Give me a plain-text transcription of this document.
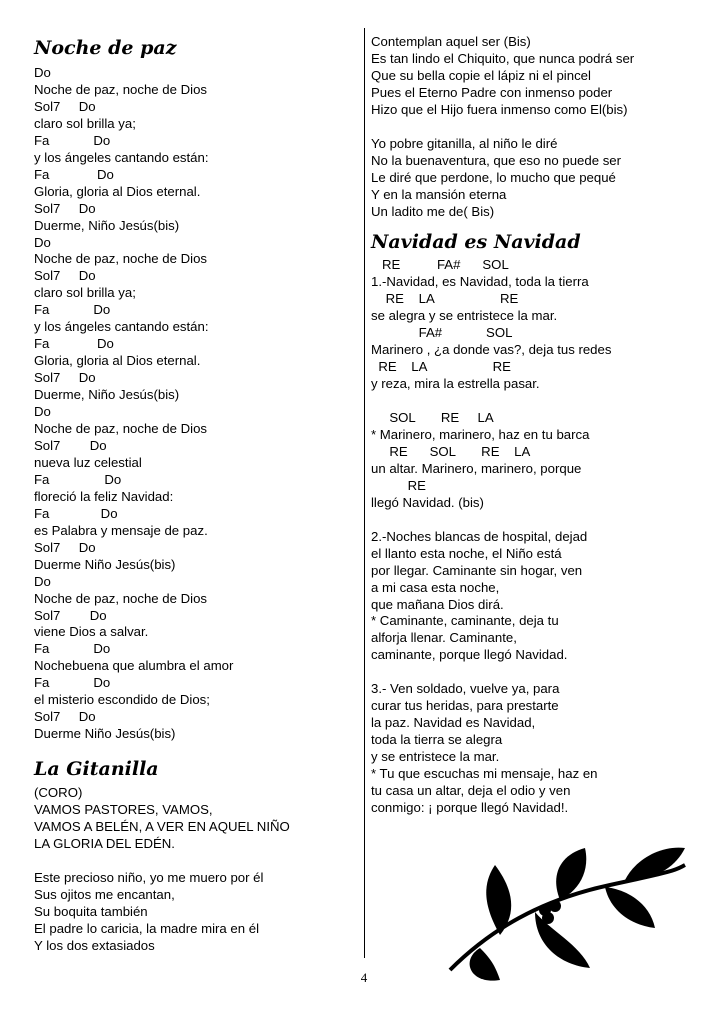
Noche de paz

Do

Noche de paz, noche de Dios

Sol7     Do

claro sol brilla ya;

Fa            Do

y los ángeles cantando están:

Fa             Do

Gloria, gloria al Dios eternal.

Sol7     Do

Duerme, Niño Jesús(bis)

Do

Noche de paz, noche de Dios

Sol7     Do

claro sol brilla ya;

Fa            Do

y los ángeles cantando están:

Fa             Do

Gloria, gloria al Dios eternal.

Sol7     Do

Duerme, Niño Jesús(bis)

Do

Noche de paz, noche de Dios

Sol7        Do

nueva luz celestial

Fa               Do

floreció la feliz Navidad:

Fa              Do

es Palabra y mensaje de paz.

Sol7     Do

Duerme Niño Jesús(bis)

Do

Noche de paz, noche de Dios

Sol7        Do

viene Dios a salvar.

Fa            Do

Nochebuena que alumbra el amor

Fa            Do

el misterio escondido de Dios;

Sol7     Do

Duerme Niño Jesús(bis)

La Gitanilla

(CORO)

VAMOS PASTORES, VAMOS,

VAMOS A BELÉN, A VER EN AQUEL NIÑO

LA GLORIA DEL EDÉN.

Este precioso niño, yo me muero por él

Sus ojitos me encantan,

Su boquita también

El padre lo caricia, la madre mira en él

Y los dos extasiados

Contemplan aquel ser (Bis)

Es tan lindo el Chiquito, que nunca podrá ser

Que su bella copie el lápiz ni el pincel

Pues el Eterno Padre con inmenso poder

Hizo que el Hijo fuera inmenso como El(bis)

Yo pobre gitanilla, al niño le diré

No la buenaventura, que eso no puede ser

Le diré que perdone, lo mucho que pequé

Y en la mansión eterna

Un ladito me de( Bis)

Navidad es Navidad

RE          FA#      SOL

1.-Navidad, es Navidad, toda la tierra

RE    LA                  RE

se alegra y se entristece la mar.

FA#            SOL

Marinero , ¿a donde vas?, deja tus redes

RE    LA                  RE

y reza, mira la estrella pasar.

SOL       RE     LA

* Marinero, marinero, haz en tu barca

RE      SOL       RE    LA

un altar. Marinero, marinero, porque

RE

llegó Navidad. (bis)

2.-Noches blancas de hospital, dejad

el llanto esta noche, el Niño está

por llegar. Caminante sin hogar, ven

a mi casa esta noche,

que mañana Dios dirá.

* Caminante, caminante, deja tu

alforja llenar. Caminante,

caminante, porque llegó Navidad.

3.- Ven soldado, vuelve ya, para

curar tus heridas, para prestarte

la paz. Navidad es Navidad,

toda la tierra se alegra

y se entristece la mar.

* Tu que escuchas mi mensaje, haz en

tu casa un altar, deja el odio y ven

conmigo: ¡ porque llegó Navidad!.

4
